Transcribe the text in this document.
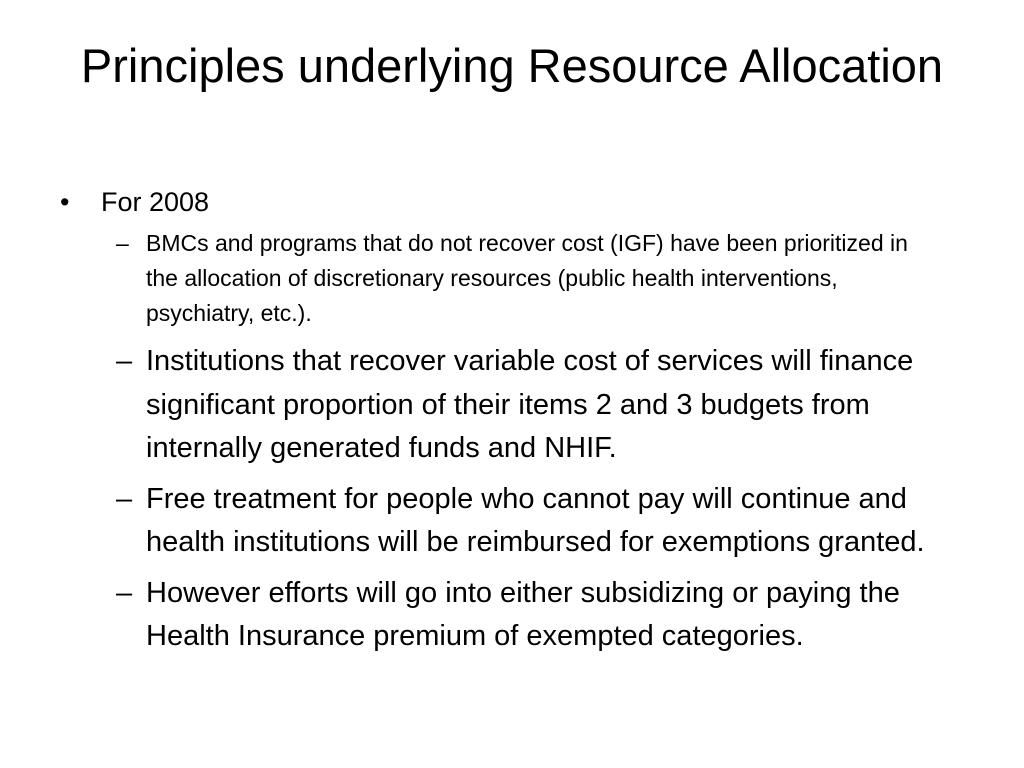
Principles underlying Resource Allocation
• For 2008
– BMCs and programs that do not recover cost (IGF) have been prioritized in the allocation of discretionary resources (public health interventions, psychiatry, etc.).
– Institutions that recover variable cost of services will finance significant proportion of their items 2 and 3 budgets from internally generated funds and NHIF.
– Free treatment for people who cannot pay will continue and health institutions will be reimbursed for exemptions granted.
– However efforts will go into either subsidizing or paying the Health Insurance premium of exempted categories.
